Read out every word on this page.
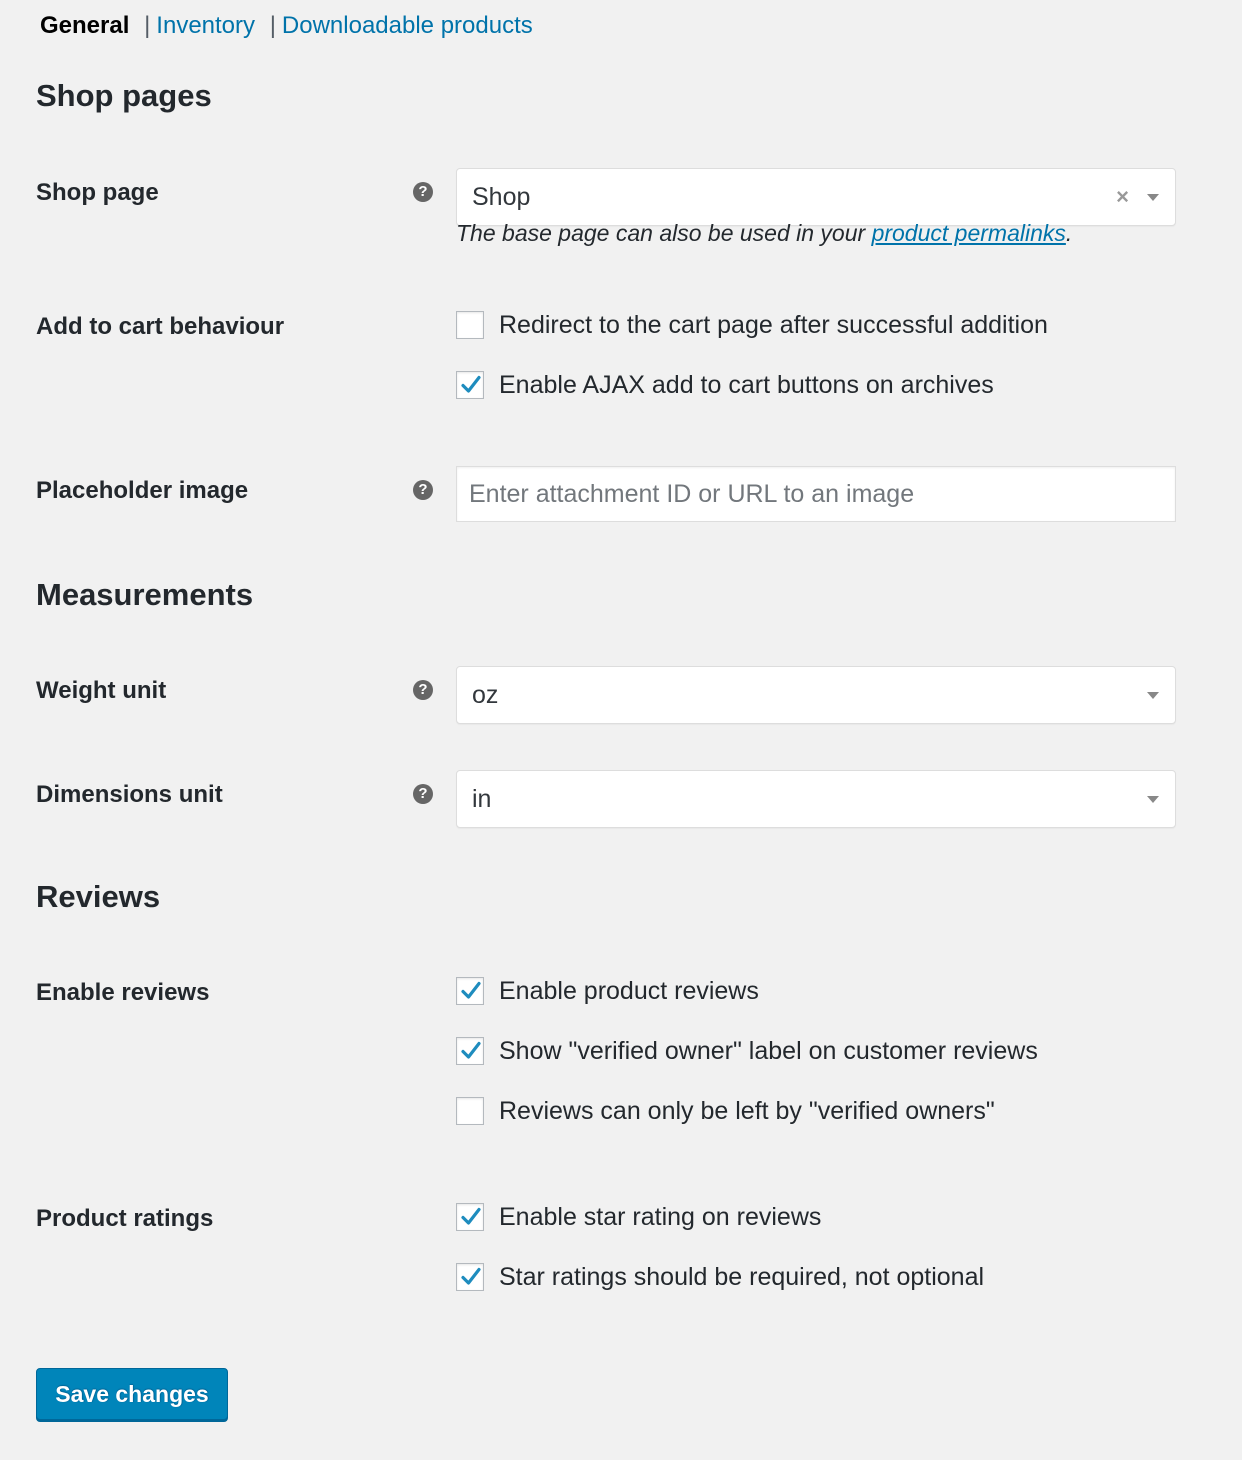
General | Inventory | Downloadable products
Shop pages
Shop page	? Shop	×
The base page can also be used in your product permalinks.
Add to cart behaviour	Redirect to the cart page after successful addition
Enable AJAX add to cart buttons on archives
Placeholder image	?
Enter attachment ID or URL to an image
Measurements
Weight unit	? oz
Dimensions unit	? in
Reviews
Enable reviews	Enable product reviews
Show "verified owner" label on customer reviews
Reviews can only be left by "verified owners"
Product ratings	Enable star rating on reviews
Star ratings should be required, not optional
Save changes
